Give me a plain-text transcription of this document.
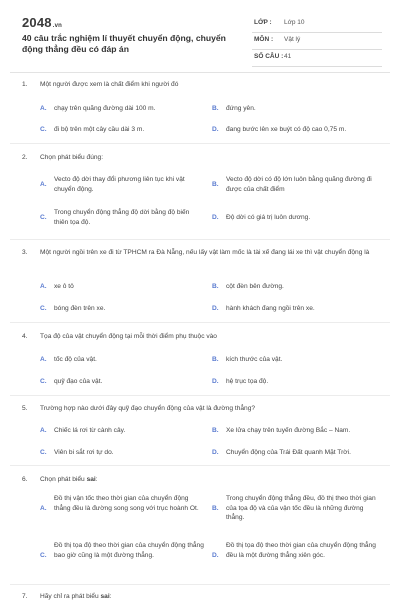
2048.vn
40 câu trắc nghiệm lí thuyết chuyển động, chuyển động thẳng đều có đáp án
LỚP : Lớp 10
MÔN : Vật lý
SỐ CÂU : 41
1. Một người được xem là chất điểm khi người đó
A. chạy trên quãng đường dài 100 m.	B. đứng yên.
C. đi bộ trên một cây cầu dài 3 m.	D. đang bước lên xe buýt có độ cao 0,75 m.
2. Chọn phát biểu đúng:
A.
Vecto độ dời thay đổi phương liên tục khi vật chuyển động.
B.
Vecto độ dời có độ lớn luôn bằng quãng đường đi được của chất điểm
C.
Trong chuyển động thẳng độ dời bằng độ biến thiên tọa độ.
D. Độ dời có giá trị luôn dương.
3. Một người ngồi trên xe đi từ TPHCM ra Đà Nẵng, nếu lấy vật làm mốc là tài xế đang lái xe thì vật chuyển động là
A. xe ô tô	B. cột đèn bên đường.
C. bóng đèn trên xe.	D. hành khách đang ngồi trên xe.
4. Tọa độ của vật chuyển động tại mỗi thời điểm phụ thuộc vào
A. tốc độ của vật.	B. kích thước của vật.
C. quỹ đạo của vật.	D. hệ trục tọa độ.
5. Trường hợp nào dưới đây quỹ đạo chuyển động của vật là đường thẳng?
A. Chiếc lá rơi từ cành cây.	B. Xe lửa chạy trên tuyến đường Bắc – Nam.
C. Viên bi sắt rơi tự do.	D. Chuyển động của Trái Đất quanh Mặt Trời.
6. Chọn phát biểu sai:
A.
Đồ thị vận tốc theo thời gian của chuyển động thẳng đều là đường song song với trục hoành Ot.	B.
Trong chuyển động thẳng đều, đồ thị theo thời gian của tọa độ và của vận tốc đều là những đường thẳng.
C.
Đồ thị tọa độ theo thời gian của chuyển động thẳng bao giờ cũng là một đường thẳng.	D.
Đồ thị tọa độ theo thời gian của chuyển động thẳng đều là một đường thẳng xiên góc.
7. Hãy chỉ ra phát biểu sai:
